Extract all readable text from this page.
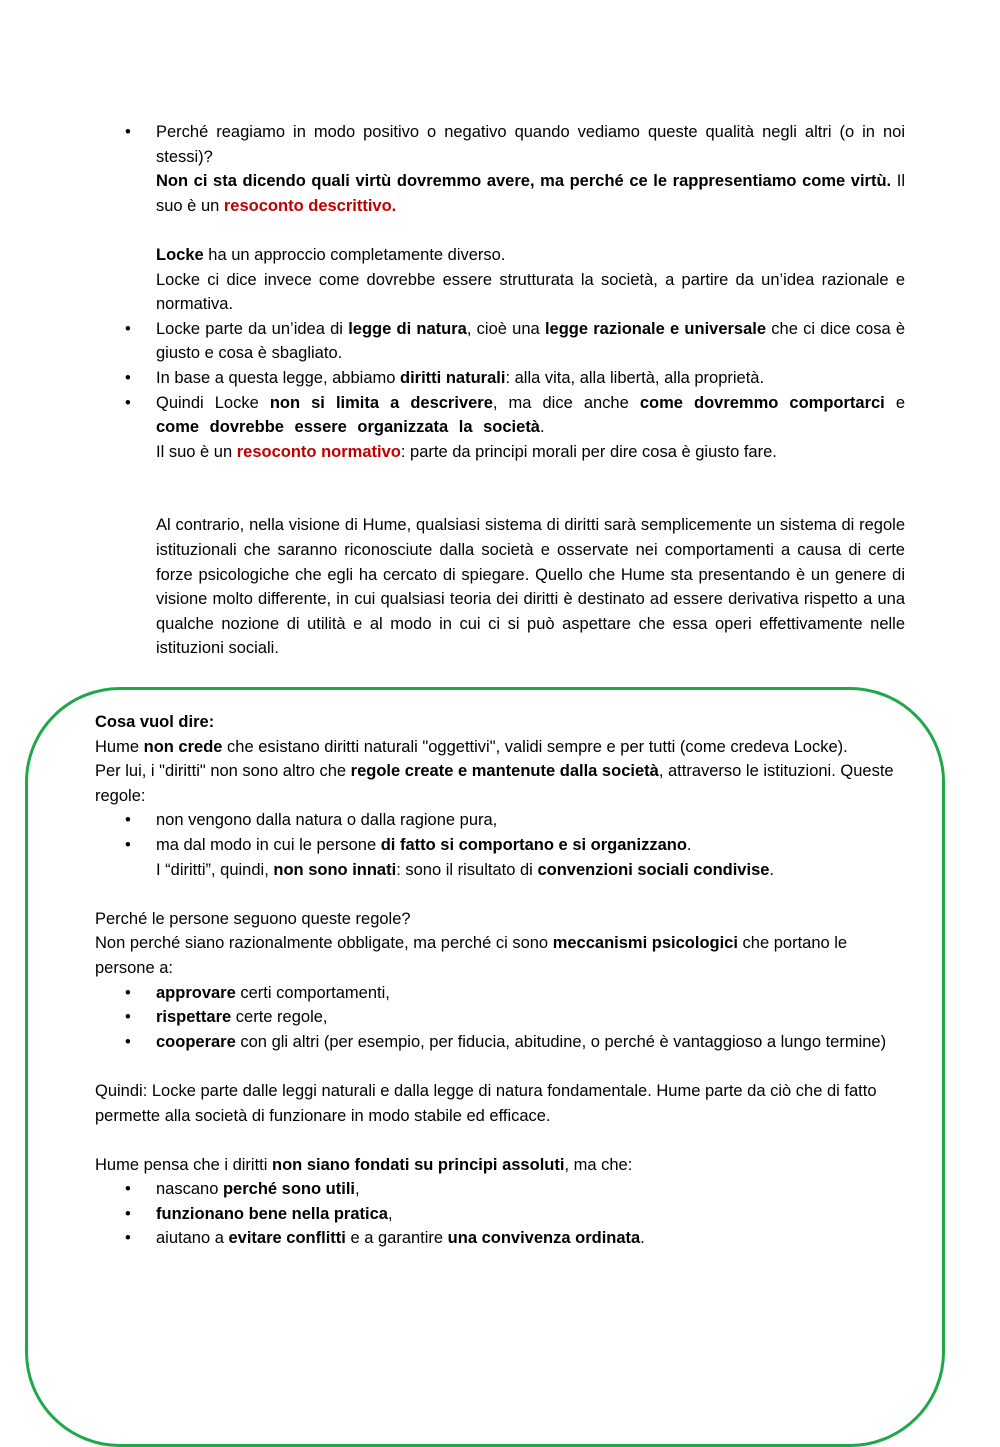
• Perché reagiamo in modo positivo o negativo quando vediamo queste qualità negli altri (o in noi stessi)?

Non ci sta dicendo quali virtù dovremmo avere, ma perché ce le rappresentiamo come virtù. Il suo è un resoconto descrittivo.

Locke ha un approccio completamente diverso.

Locke ci dice invece come dovrebbe essere strutturata la società, a partire da un’idea razionale e normativa.

• Locke parte da un’idea di legge di natura, cioè una legge razionale e universale che ci dice cosa è giusto e cosa è sbagliato.

• In base a questa legge, abbiamo diritti naturali: alla vita, alla libertà, alla proprietà.

• Quindi Locke non si limita a descrivere, ma dice anche come dovremmo comportarci e come dovrebbe essere organizzata la società.

Il suo è un resoconto normativo: parte da principi morali per dire cosa è giusto fare.

Al contrario, nella visione di Hume, qualsiasi sistema di diritti sarà semplicemente un sistema di regole istituzionali che saranno riconosciute dalla società e osservate nei comportamenti a causa di certe forze psicologiche che egli ha cercato di spiegare. Quello che Hume sta presentando è un genere di visione molto differente, in cui qualsiasi teoria dei diritti è destinato ad essere derivativa rispetto a una qualche nozione di utilità e al modo in cui ci si può aspettare che essa operi effettivamente nelle istituzioni sociali.

Cosa vuol dire:

Hume non crede che esistano diritti naturali "oggettivi", validi sempre e per tutti (come credeva Locke).

Per lui, i "diritti" non sono altro che regole create e mantenute dalla società, attraverso le istituzioni. Queste regole:

• non vengono dalla natura o dalla ragione pura,
• ma dal modo in cui le persone di fatto si comportano e si organizzano.
I “diritti”, quindi, non sono innati: sono il risultato di convenzioni sociali condivise.

Perché le persone seguono queste regole?

Non perché siano razionalmente obbligate, ma perché ci sono meccanismi psicologici che portano le persone a:

• approvare certi comportamenti,
• rispettare certe regole,
• cooperare con gli altri (per esempio, per fiducia, abitudine, o perché è vantaggioso a lungo termine)

Quindi: Locke parte dalle leggi naturali e dalla legge di natura fondamentale. Hume parte da ciò che di fatto permette alla società di funzionare in modo stabile ed efficace.

Hume pensa che i diritti non siano fondati su principi assoluti, ma che:

• nascano perché sono utili,
• funzionano bene nella pratica,
• aiutano a evitare conflitti e a garantire una convivenza ordinata.
